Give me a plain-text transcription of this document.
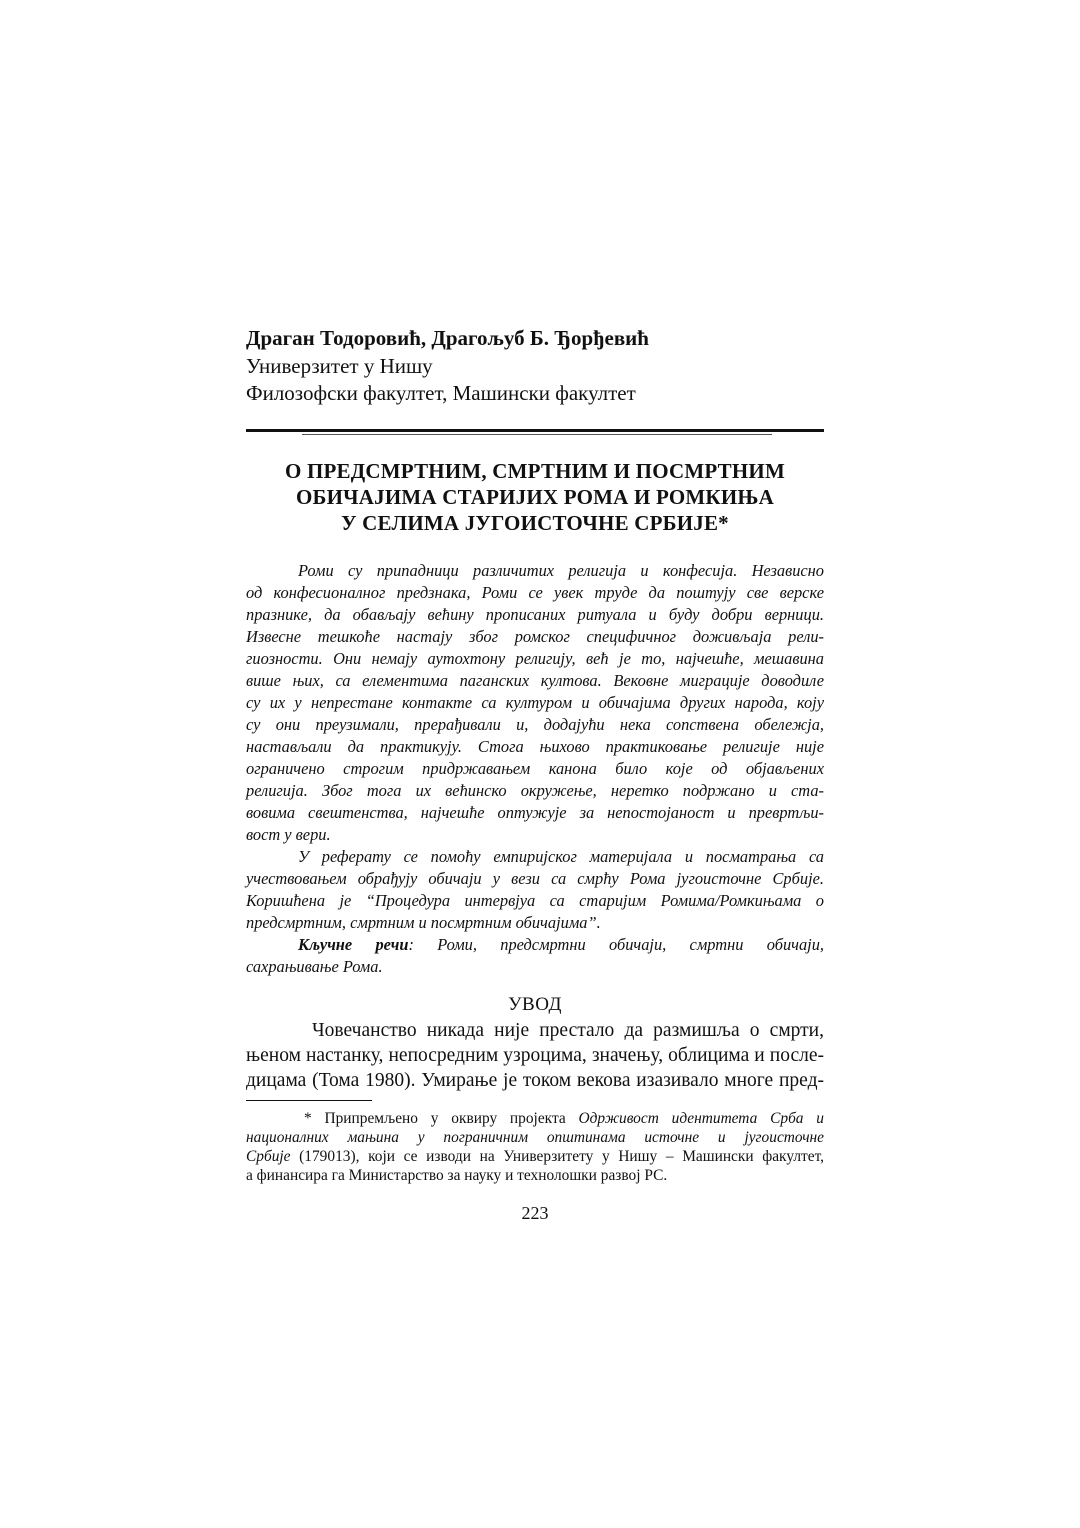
Драган Тодоровић, Драгољуб Б. Ђорђевић
Универзитет у Нишу
Филозофски факултет, Машински факултет
О ПРЕДСМРТНИМ, СМРТНИМ И ПОСМРТНИМ
ОБИЧАЈИМА СТАРИЈИХ РОМА И РОМКИЊА
У СЕЛИМА ЈУГОИСТОЧНЕ СРБИЈЕ*
Роми су припадници различитих религија и конфесија. Независно
од конфесионалног предзнака, Роми се увек труде да поштују све верске
празнике, да обављају већину прописаних ритуала и буду добри верници.
Извесне тешкоће настају због ромског специфичног доживљаја рели-
гиозности. Они немају аутохтону религију, већ је то, најчешће, мешавина
више њих, са елементима паганских култова. Вековне миграције доводиле
су их у непрестане контакте са културом и обичајима других народа, коју
су они преузимали, прерађивали и, додајући нека сопствена обележја,
настављали да практикују. Стога њихово практиковање религије није
ограничено строгим придржавањем канона било које од објављених
религија. Због тога их већинско окружење, неретко подржано и ста-
вовима свештенства, најчешће оптужује за непостојаност и превртљи-
вост у вери.
У реферату се помоћу емпиријског материјала и посматрања са
учествовањем обрађују обичаји у вези са смрћу Рома југоисточне Србије.
Коришћена је “Процедура интервјуа са старијим Ромима/Ромкињама о
предсмртним, смртним и посмртним обичајима”.
Кључне речи: Роми, предсмртни обичаји, смртни обичаји,
сахрањивање Рома.
УВОД
Човечанство никада није престало да размишља о смрти,
њеном настанку, непосредним узроцима, значењу, облицима и после-
дицама (Тома 1980). Умирање је током векова изазивало многе пред-
* Припремљено у оквиру пројекта Одрживост идентитета Срба и
националних мањина у пограничним општинама источне и југоисточне
Србије (179013), који се изводи на Универзитету у Нишу – Машински факултет,
а финансира га Министарство за науку и технолошки развој РС.
223
